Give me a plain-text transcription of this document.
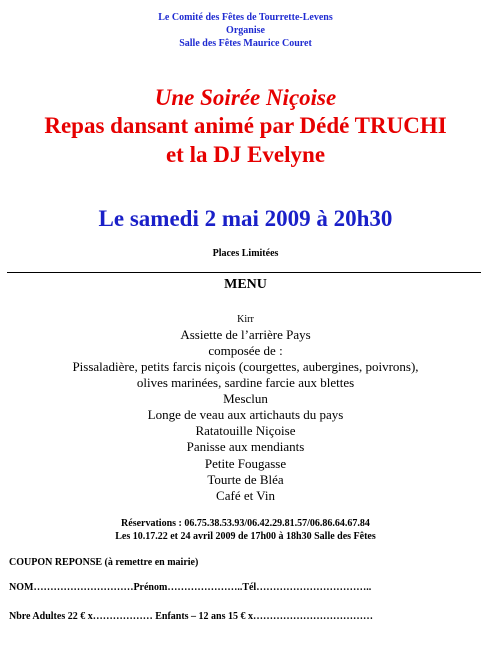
Le Comité des Fêtes de Tourrette-Levens
Organise
Salle des Fêtes Maurice Couret
Une Soirée Niçoise
Repas dansant animé par Dédé TRUCHI
et la DJ Evelyne
Le samedi 2 mai 2009 à 20h30
Places Limitées
MENU
Kirr
Assiette de l’arrière Pays
composée de :
Pissaladière, petits farcis niçois (courgettes, aubergines, poivrons),
olives marinées, sardine farcie aux blettes
Mesclun
Longe de veau aux artichauts du pays
Ratatouille Niçoise
Panisse aux mendiants
Petite Fougasse
Tourte de Bléa
Café et Vin
Réservations : 06.75.38.53.93/06.42.29.81.57/06.86.64.67.84
Les 10.17.22 et 24 avril 2009 de 17h00 à 18h30 Salle des Fêtes
COUPON REPONSE (à remettre en mairie)
NOM…………………………Prénom…………………..Tél……………………………..
Nbre Adultes 22 € x……………… Enfants – 12 ans 15 € x………………………………
